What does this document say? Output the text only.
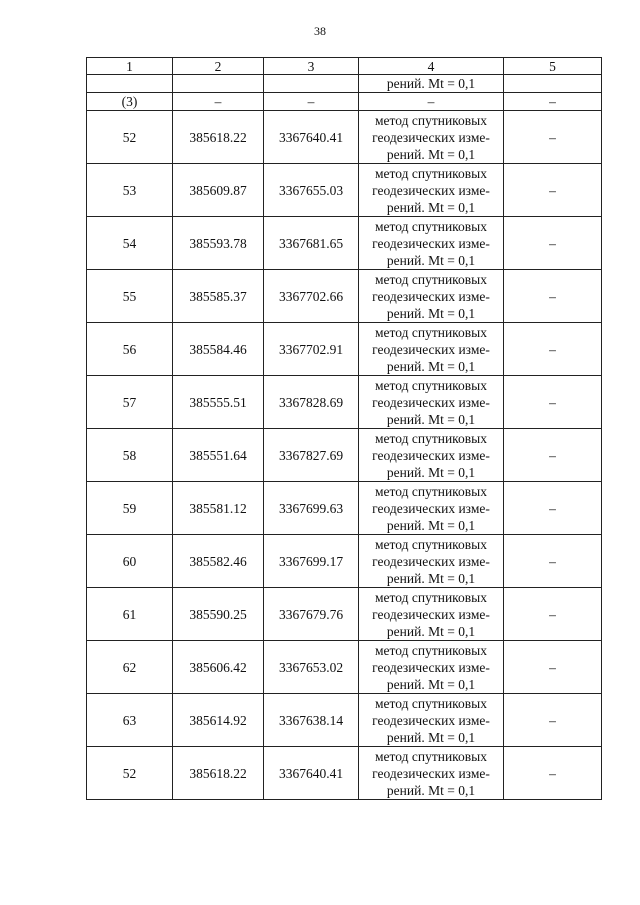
38
1	2	3	4	5
			рений. Mt = 0,1	
(3)	–	–	–	–
52	385618.22	3367640.41	метод спутниковых
геодезических изме-
рений. Mt = 0,1	–
53	385609.87	3367655.03	метод спутниковых
геодезических изме-
рений. Mt = 0,1	–
54	385593.78	3367681.65	метод спутниковых
геодезических изме-
рений. Mt = 0,1	–
55	385585.37	3367702.66	метод спутниковых
геодезических изме-
рений. Mt = 0,1	–
56	385584.46	3367702.91	метод спутниковых
геодезических изме-
рений. Mt = 0,1	–
57	385555.51	3367828.69	метод спутниковых
геодезических изме-
рений. Mt = 0,1	–
58	385551.64	3367827.69	метод спутниковых
геодезических изме-
рений. Mt = 0,1	–
59	385581.12	3367699.63	метод спутниковых
геодезических изме-
рений. Mt = 0,1	–
60	385582.46	3367699.17	метод спутниковых
геодезических изме-
рений. Mt = 0,1	–
61	385590.25	3367679.76	метод спутниковых
геодезических изме-
рений. Mt = 0,1	–
62	385606.42	3367653.02	метод спутниковых
геодезических изме-
рений. Mt = 0,1	–
63	385614.92	3367638.14	метод спутниковых
геодезических изме-
рений. Mt = 0,1	–
52	385618.22	3367640.41	метод спутниковых
геодезических изме-
рений. Mt = 0,1	–
